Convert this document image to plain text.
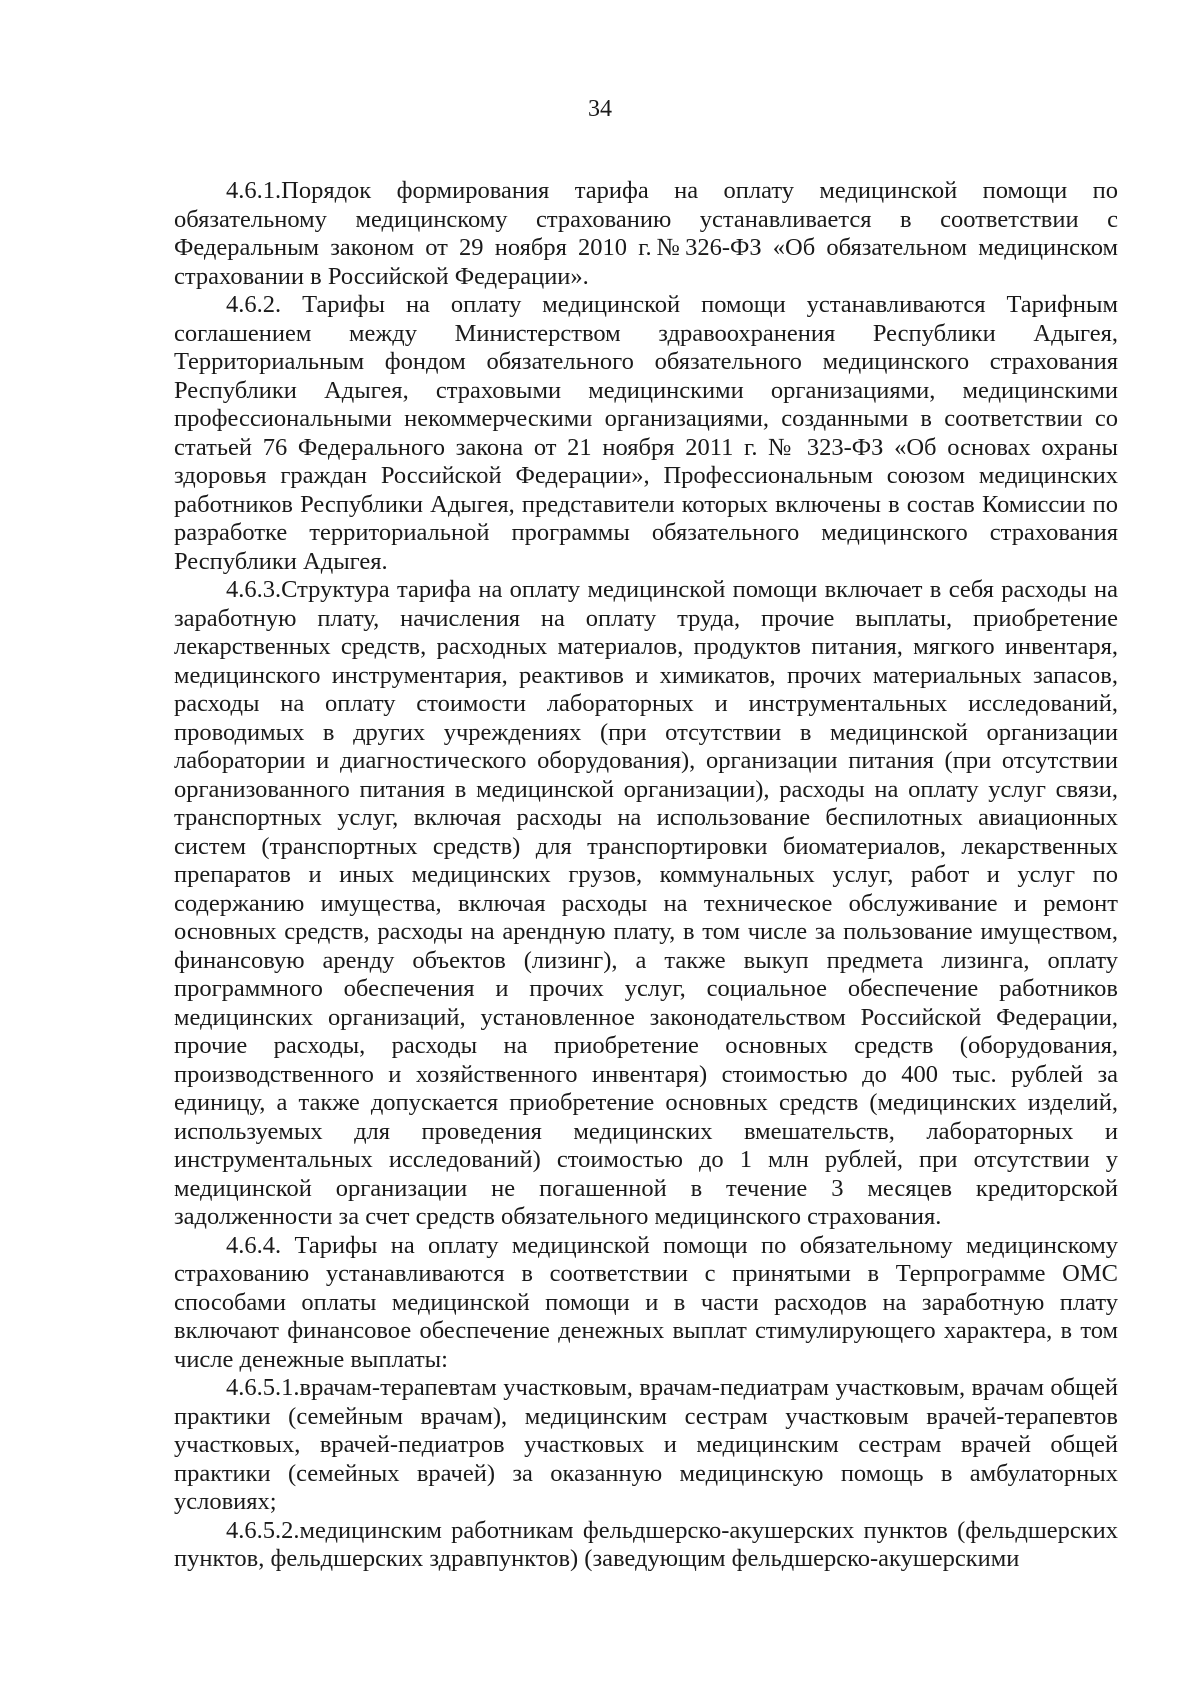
34

4.6.1.Порядок формирования тарифа на оплату медицинской помощи по обязательному медицинскому страхованию устанавливается в соответствии с Федеральным законом от 29 ноября 2010 г.№326-ФЗ «Об обязательном медицинском страховании в Российской Федерации».

4.6.2. Тарифы на оплату медицинской помощи устанавливаются Тарифным соглашением между Министерством здравоохранения Республики Адыгея, Территориальным фондом обязательного обязательного медицинского страхования Республики Адыгея, страховыми медицинскими организациями, медицинскими профессиональными некоммерческими организациями, созданными в соответствии со статьей 76 Федерального закона от 21 ноября 2011 г. № 323-ФЗ «Об основах охраны здоровья граждан Российской Федерации», Профессиональным союзом медицинских работников Республики Адыгея, представители которых включены в состав Комиссии по разработке территориальной программы обязательного медицинского страхования Республики Адыгея.

4.6.3.Структура тарифа на оплату медицинской помощи включает в себя расходы на заработную плату, начисления на оплату труда, прочие выплаты, приобретение лекарственных средств, расходных материалов, продуктов питания, мягкого инвентаря, медицинского инструментария, реактивов и химикатов, прочих материальных запасов, расходы на оплату стоимости лабораторных и инструментальных исследований, проводимых в других учреждениях (при отсутствии в медицинской организации лаборатории и диагностического оборудования), организации питания (при отсутствии организованного питания в медицинской организации), расходы на оплату услуг связи, транспортных услуг, включая расходы на использование беспилотных авиационных систем (транспортных средств) для транспортировки биоматериалов, лекарственных препаратов и иных медицинских грузов, коммунальных услуг, работ и услуг по содержанию имущества, включая расходы на техническое обслуживание и ремонт основных средств, расходы на арендную плату, в том числе за пользование имуществом, финансовую аренду объектов (лизинг), а также выкуп предмета лизинга, оплату программного обеспечения и прочих услуг, социальное обеспечение работников медицинских организаций, установленное законодательством Российской Федерации, прочие расходы, расходы на приобретение основных средств (оборудования, производственного и хозяйственного инвентаря) стоимостью до 400 тыс. рублей за единицу, а также допускается приобретение основных средств (медицинских изделий, используемых для проведения медицинских вмешательств, лабораторных и инструментальных исследований) стоимостью до 1 млн рублей, при отсутствии у медицинской организации не погашенной в течение 3 месяцев кредиторской задолженности за счет средств обязательного медицинского страхования.

4.6.4. Тарифы на оплату медицинской помощи по обязательному медицинскому страхованию устанавливаются в соответствии с принятыми в Терпрограмме ОМС способами оплаты медицинской помощи и в части расходов на заработную плату включают финансовое обеспечение денежных выплат стимулирующего характера, в том числе денежные выплаты:

4.6.5.1.врачам-терапевтам участковым, врачам-педиатрам участковым, врачам общей практики (семейным врачам), медицинским сестрам участковым врачей-терапевтов участковых, врачей-педиатров участковых и медицинским сестрам врачей общей практики (семейных врачей) за оказанную медицинскую помощь в амбулаторных условиях;

4.6.5.2.медицинским работникам фельдшерско-акушерских пунктов (фельдшерских пунктов, фельдшерских здравпунктов) (заведующим фельдшерско-акушерскими
